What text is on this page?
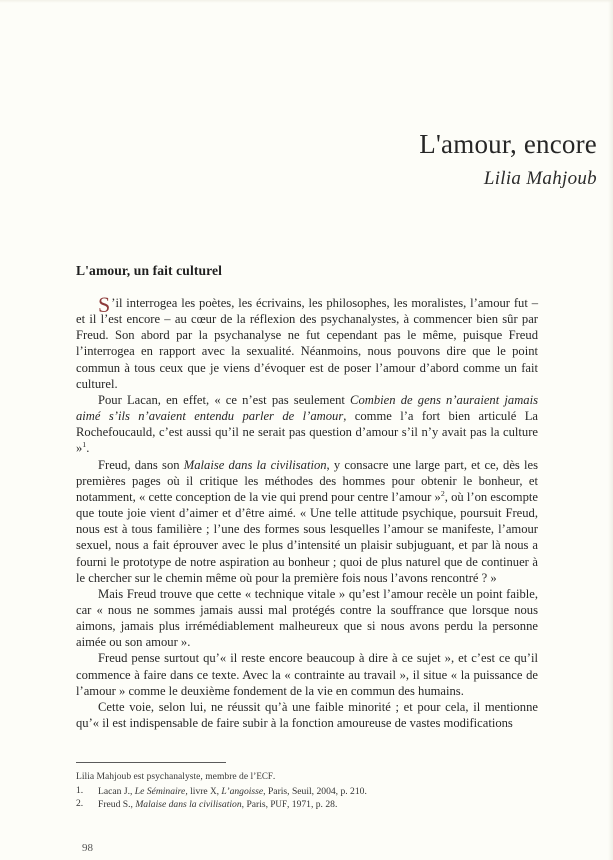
L'amour, encore
Lilia Mahjoub
L'amour, un fait culturel

S ’il interrogea les poètes, les écrivains, les philosophes, les moralistes, l’amour fut – et il l’est encore – au cœur de la réflexion des psychanalystes, à commencer bien sûr par Freud. Son abord par la psychanalyse ne fut cependant pas le même, puisque Freud l’interrogea en rapport avec la sexualité. Néanmoins, nous pouvons dire que le point commun à tous ceux que je viens d’évoquer est de poser l’amour d’abord comme un fait culturel.

Pour Lacan, en effet, « ce n’est pas seulement Combien de gens n’auraient jamais aimé s’ils n’avaient entendu parler de l’amour, comme l’a fort bien articulé La Rochefoucauld, c’est aussi qu’il ne serait pas question d’amour s’il n’y avait pas la culture »$^1$.

Freud, dans son Malaise dans la civilisation, y consacre une large part, et ce, dès les premières pages où il critique les méthodes des hommes pour obtenir le bonheur, et notamment, « cette conception de la vie qui prend pour centre l’amour »$^2$, où l’on escompte que toute joie vient d’aimer et d’être aimé. « Une telle attitude psychique, poursuit Freud, nous est à tous familière ; l’une des formes sous lesquelles l’amour se manifeste, l’amour sexuel, nous a fait éprouver avec le plus d’intensité un plaisir subjuguant, et par là nous a fourni le prototype de notre aspiration au bonheur ; quoi de plus naturel que de continuer à le chercher sur le chemin même où pour la première fois nous l’avons rencontré ? »

Mais Freud trouve que cette « technique vitale » qu’est l’amour recèle un point faible, car « nous ne sommes jamais aussi mal protégés contre la souffrance que lorsque nous aimons, jamais plus irrémédiablement malheureux que si nous avons perdu la personne aimée ou son amour ».

Freud pense surtout qu’« il reste encore beaucoup à dire à ce sujet », et c’est ce qu’il commence à faire dans ce texte. Avec la « contrainte au travail », il situe « la puissance de l’amour » comme le deuxième fondement de la vie en commun des humains.

Cette voie, selon lui, ne réussit qu’à une faible minorité ; et pour cela, il mentionne qu’« il est indispensable de faire subir à la fonction amoureuse de vastes modifications

Lilia Mahjoub est psychanalyste, membre de l’ECF.
1.	Lacan J., Le Séminaire, livre X, L’angoisse, Paris, Seuil, 2004, p. 210.
2.	Freud S., Malaise dans la civilisation, Paris, PUF, 1971, p. 28.
98
